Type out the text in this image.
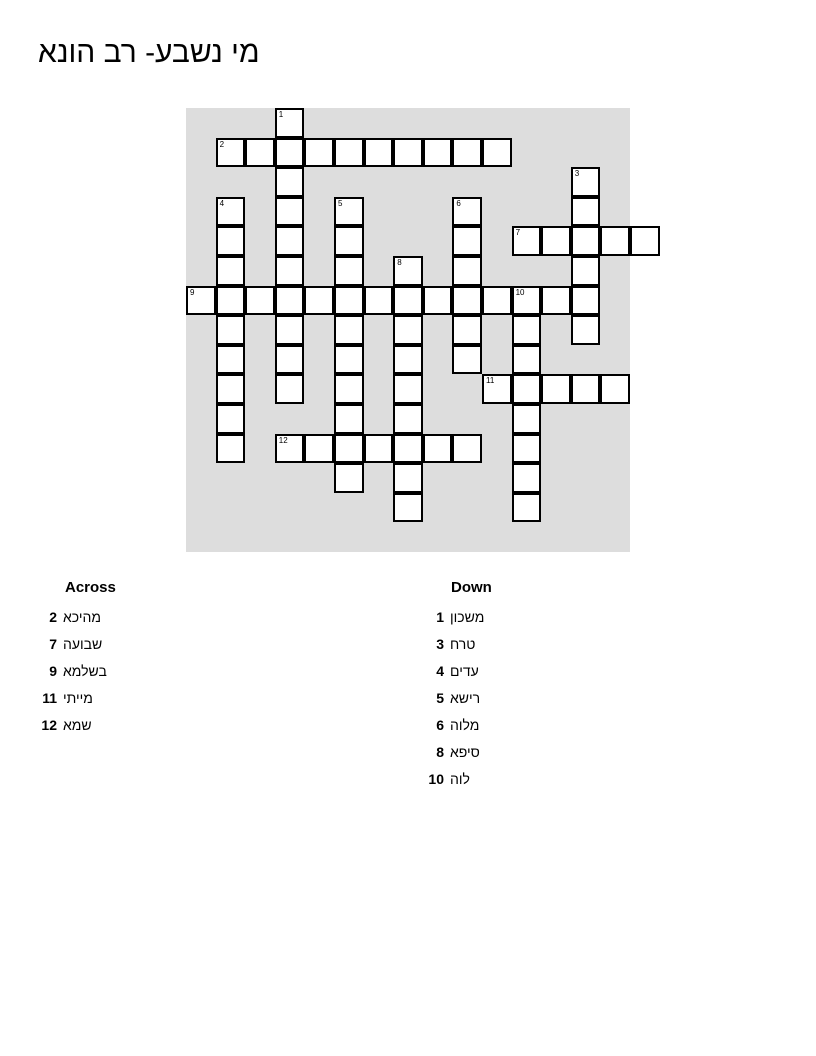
מי נשבע- רב הונא
1
2
3
4	5	6
7
8
9	10
11
12
Across
2 מהיכא
7 שבועה
9 בשלמא
11 מייתי
12 שמא
Down
1 משכון
3 טרח
4 עדים
5 רישא
6 מלוה
8 סיפא
10 לוה
